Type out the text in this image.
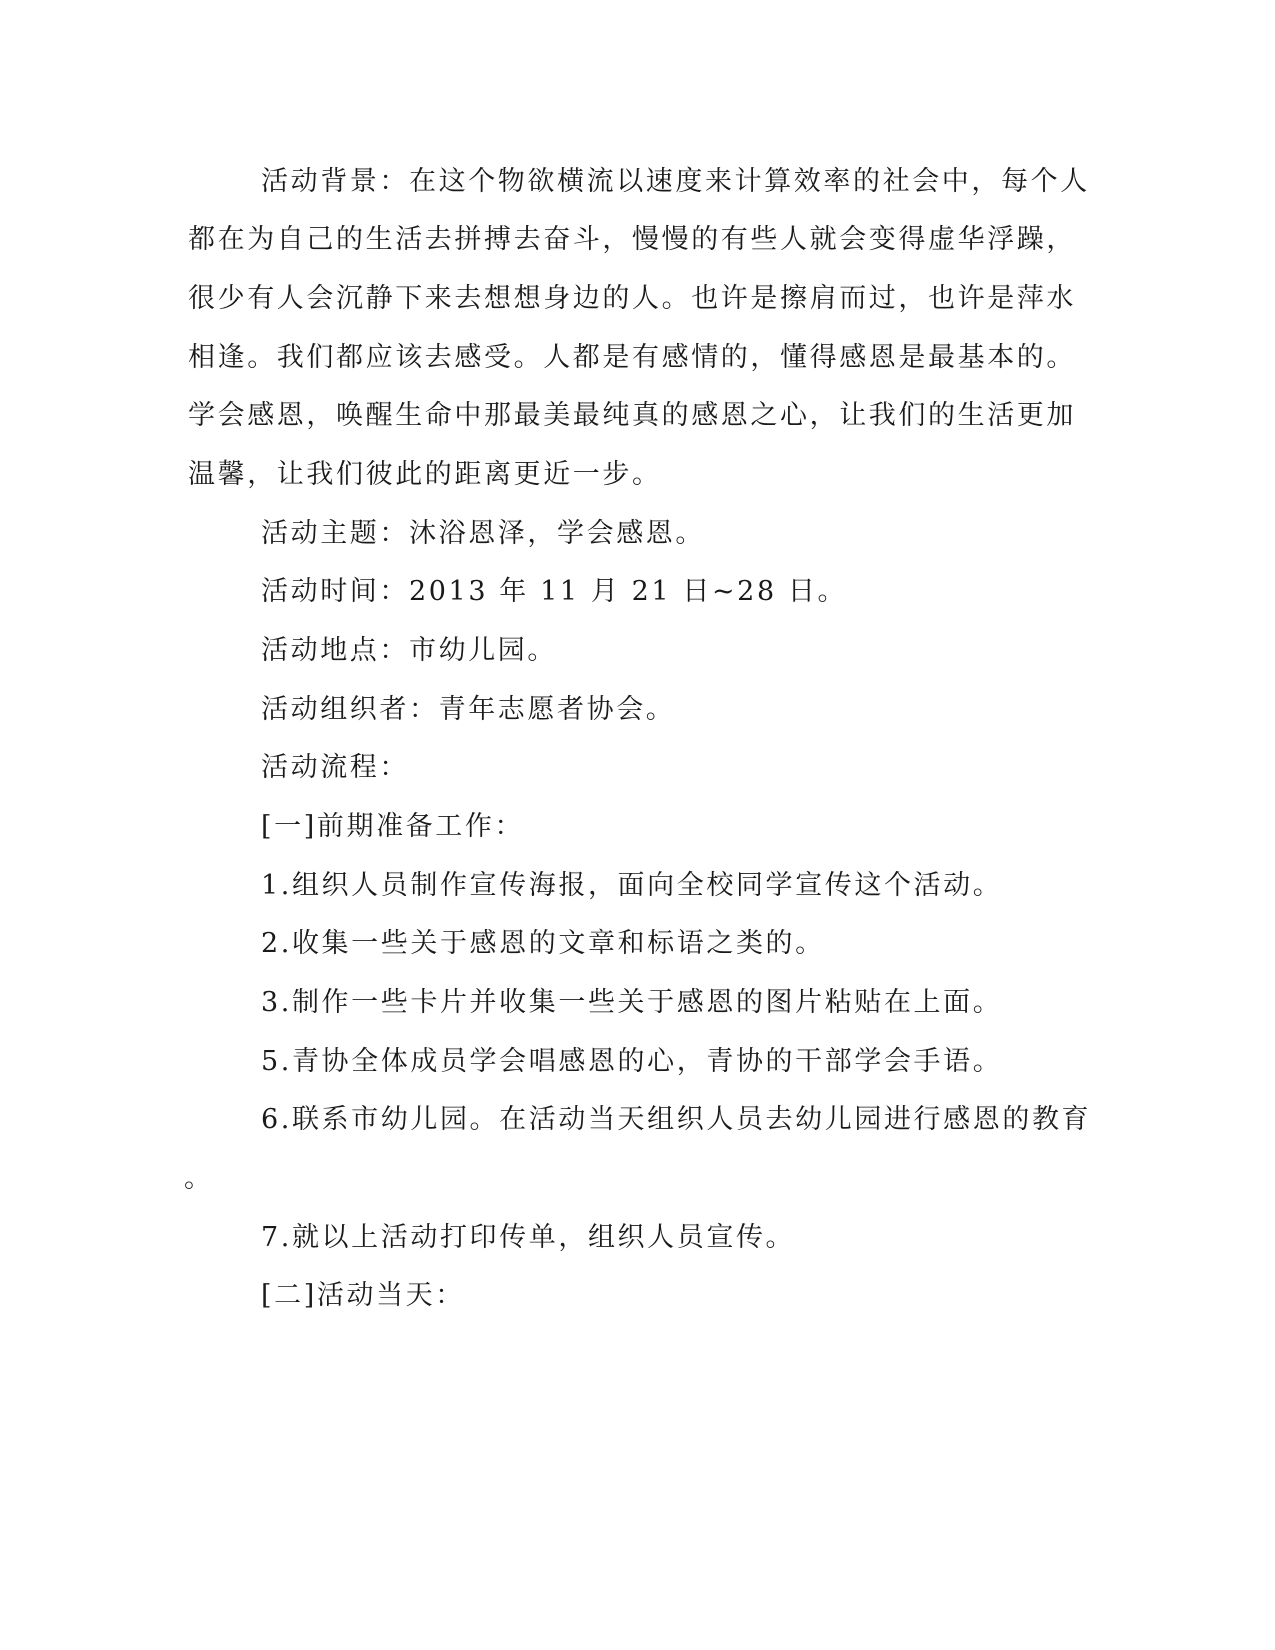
活动背景：在这个物欲横流以速度来计算效率的社会中，每个人
都在为自己的生活去拼搏去奋斗，慢慢的有些人就会变得虚华浮躁，
很少有人会沉静下来去想想身边的人。也许是擦肩而过，也许是萍水
相逢。我们都应该去感受。人都是有感情的，懂得感恩是最基本的。
学会感恩，唤醒生命中那最美最纯真的感恩之心，让我们的生活更加
温馨，让我们彼此的距离更近一步。
活动主题：沐浴恩泽，学会感恩。
活动时间：2013 年 11 月 21 日~28 日。
活动地点：市幼儿园。
活动组织者：青年志愿者协会。
活动流程：
[一]前期准备工作：
1.组织人员制作宣传海报，面向全校同学宣传这个活动。
2.收集一些关于感恩的文章和标语之类的。
3.制作一些卡片并收集一些关于感恩的图片粘贴在上面。
5.青协全体成员学会唱感恩的心，青协的干部学会手语。
6.联系市幼儿园。在活动当天组织人员去幼儿园进行感恩的教育
。
7.就以上活动打印传单，组织人员宣传。
[二]活动当天：
